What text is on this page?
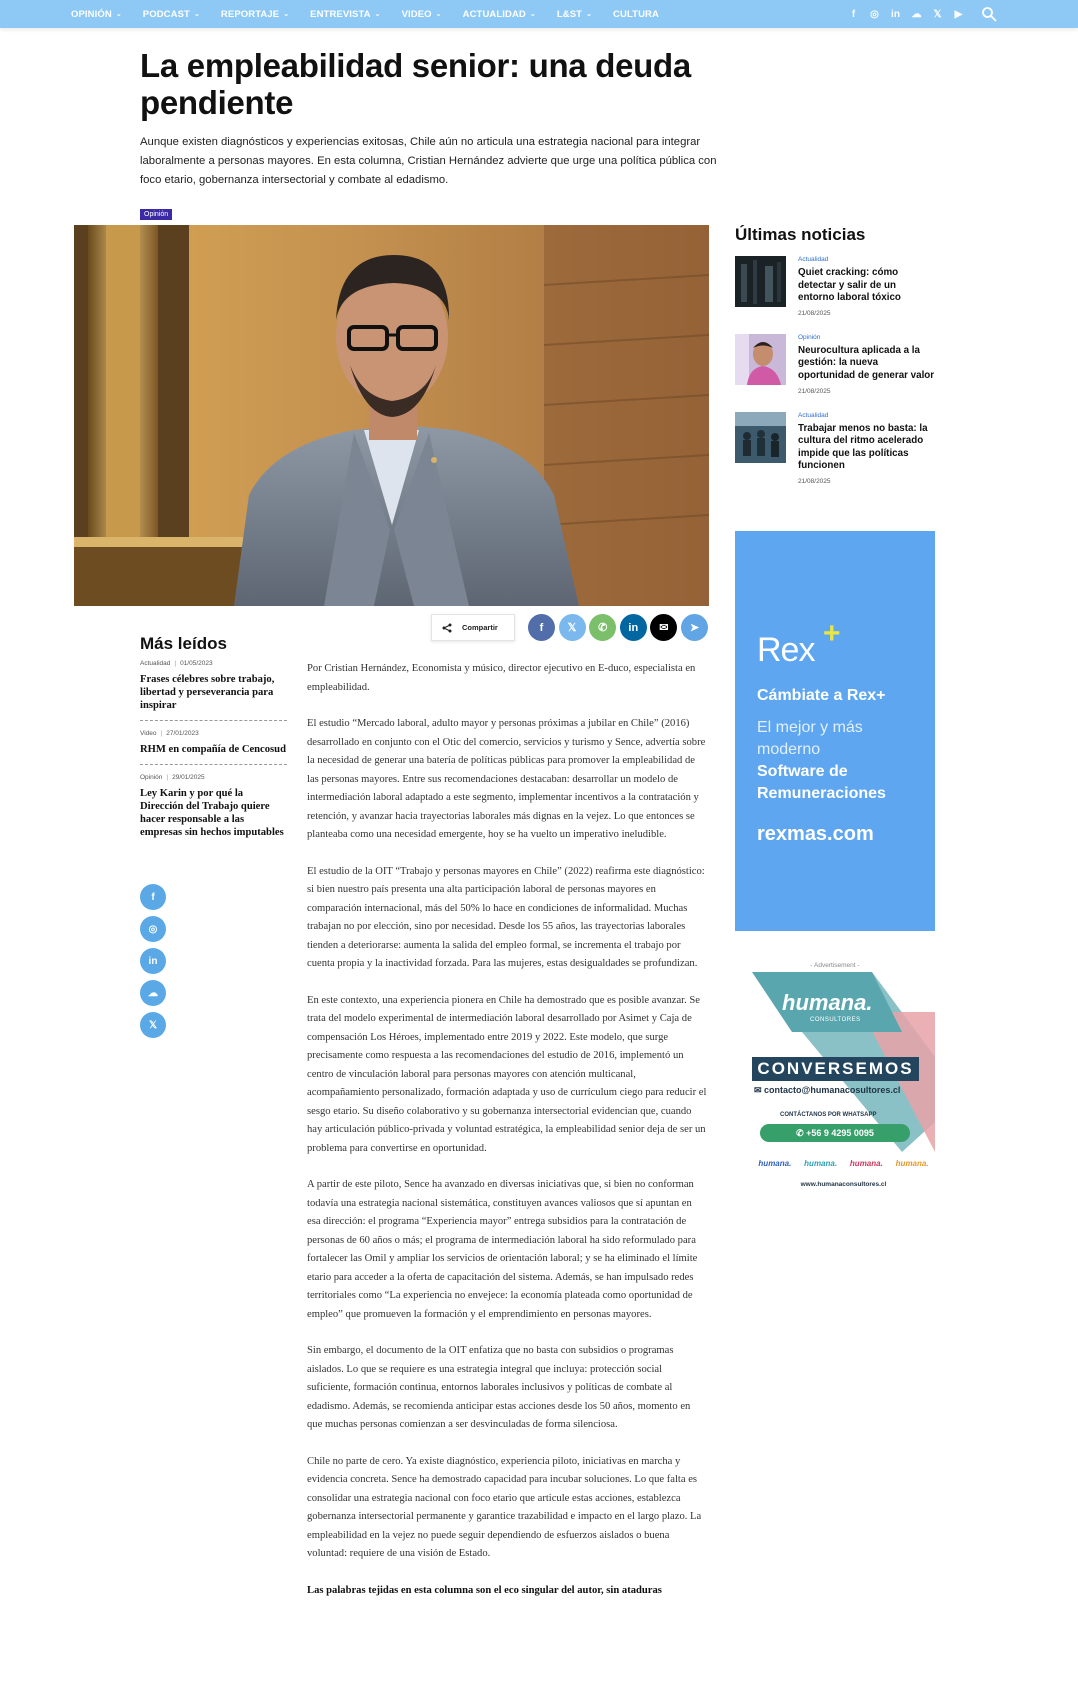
OPINIÓN ⌄ PODCAST ⌄ REPORTAJE ⌄ ENTREVISTA ⌄ VIDEO ⌄ ACTUALIDAD ⌄ L&ST ⌄ CULTURA	f	◎	in	☁	𝕏	▶
La empleabilidad senior: una deuda pendiente

Aunque existen diagnósticos y experiencias exitosas, Chile aún no articula una estrategia nacional para integrar laboralmente a personas mayores. En esta columna, Cristian Hernández advierte que urge una política pública con foco etario, gobernanza intersectorial y combate al edadismo.

Opinión
Compartir	f	𝕏	✆	in	✉	➤
Más leídos
Actualidad | 01/05/2023
Frases célebres sobre trabajo, libertad y perseverancia para inspirar
Video | 27/01/2023
RHM en compañía de Cencosud
Opinión | 29/01/2025
Ley Karin y por qué la Dirección del Trabajo quiere hacer responsable a las empresas sin hechos imputables
f
◎
in
☁
𝕏

Por Cristian Hernández, Economista y músico, director ejecutivo en E-duco, especialista en empleabilidad.

El estudio “Mercado laboral, adulto mayor y personas próximas a jubilar en Chile” (2016) desarrollado en conjunto con el Otic del comercio, servicios y turismo y Sence, advertía sobre la necesidad de generar una batería de políticas públicas para promover la empleabilidad de las personas mayores. Entre sus recomendaciones destacaban: desarrollar un modelo de intermediación laboral adaptado a este segmento, implementar incentivos a la contratación y retención, y avanzar hacia trayectorias laborales más dignas en la vejez. Lo que entonces se planteaba como una necesidad emergente, hoy se ha vuelto un imperativo ineludible.

El estudio de la OIT “Trabajo y personas mayores en Chile” (2022) reafirma este diagnóstico: si bien nuestro país presenta una alta participación laboral de personas mayores en comparación internacional, más del 50% lo hace en condiciones de informalidad. Muchas trabajan no por elección, sino por necesidad. Desde los 55 años, las trayectorias laborales tienden a deteriorarse: aumenta la salida del empleo formal, se incrementa el trabajo por cuenta propia y la inactividad forzada. Para las mujeres, estas desigualdades se profundizan.

En este contexto, una experiencia pionera en Chile ha demostrado que es posible avanzar. Se trata del modelo experimental de intermediación laboral desarrollado por Asimet y Caja de compensación Los Héroes, implementado entre 2019 y 2022. Este modelo, que surge precisamente como respuesta a las recomendaciones del estudio de 2016, implementó un centro de vinculación laboral para personas mayores con atención multicanal, acompañamiento personalizado, formación adaptada y uso de currículum ciego para reducir el sesgo etario. Su diseño colaborativo y su gobernanza intersectorial evidencian que, cuando hay articulación público-privada y voluntad estratégica, la empleabilidad senior deja de ser un problema para convertirse en oportunidad.

A partir de este piloto, Sence ha avanzado en diversas iniciativas que, si bien no conforman todavía una estrategia nacional sistemática, constituyen avances valiosos que sí apuntan en esa dirección: el programa “Experiencia mayor” entrega subsidios para la contratación de personas de 60 años o más; el programa de intermediación laboral ha sido reformulado para fortalecer las Omil y ampliar los servicios de orientación laboral; y se ha eliminado el límite etario para acceder a la oferta de capacitación del sistema. Además, se han impulsado redes territoriales como “La experiencia no envejece: la economía plateada como oportunidad de empleo” que promueven la formación y el emprendimiento en personas mayores.

Sin embargo, el documento de la OIT enfatiza que no basta con subsidios o programas aislados. Lo que se requiere es una estrategia integral que incluya: protección social suficiente, formación continua, entornos laborales inclusivos y políticas de combate al edadismo. Además, se recomienda anticipar estas acciones desde los 50 años, momento en que muchas personas comienzan a ser desvinculadas de forma silenciosa.

Chile no parte de cero. Ya existe diagnóstico, experiencia piloto, iniciativas en marcha y evidencia concreta. Sence ha demostrado capacidad para incubar soluciones. Lo que falta es consolidar una estrategia nacional con foco etario que articule estas acciones, establezca gobernanza intersectorial permanente y garantice trazabilidad e impacto en el largo plazo. La empleabilidad en la vejez no puede seguir dependiendo de esfuerzos aislados o buena voluntad: requiere de una visión de Estado.

Las palabras tejidas en esta columna son el eco singular del autor, sin ataduras

Últimas noticias
Actualidad
Quiet cracking: cómo detectar y salir de un entorno laboral tóxico
21/08/2025
Opinión
Neurocultura aplicada a la gestión: la nueva oportunidad de generar valor
21/08/2025
Actualidad
Trabajar menos no basta: la cultura del ritmo acelerado impide que las políticas funcionen
21/08/2025
Rex +
Cámbiate a Rex+
El mejor y más moderno
Software de Remuneraciones
rexmas.com
- Advertisement -
humana.
CONSULTORES
CONVERSEMOS
✉ contacto@humanacosultores.cl
CONTÁCTANOS POR WHATSAPP
✆ +56 9 4295 0095
humana. humana. humana. humana.
www.humanaconsultores.cl
